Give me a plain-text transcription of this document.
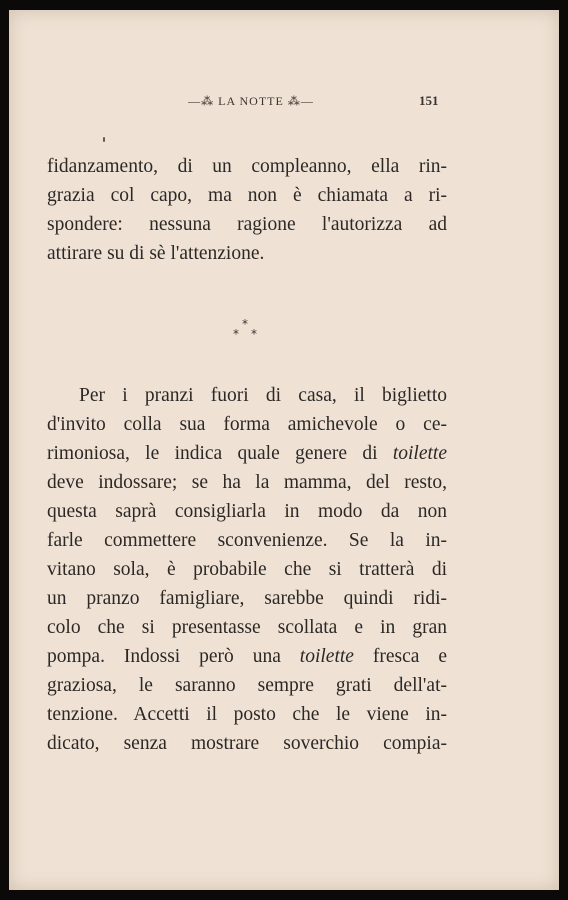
—⁂ LA NOTTE ⁂—	151
fidanzamento, di un compleanno, ella rin-
grazia col capo, ma non è chiamata a ri-
spondere: nessuna ragione l'autorizza ad
attirare su di sè l'attenzione.
*
* *
Per i pranzi fuori di casa, il biglietto
d'invito colla sua forma amichevole o ce-
rimoniosa, le indica quale genere di toilette
deve indossare; se ha la mamma, del resto,
questa saprà consigliarla in modo da non
farle commettere sconvenienze. Se la in-
vitano sola, è probabile che si tratterà di
un pranzo famigliare, sarebbe quindi ridi-
colo che si presentasse scollata e in gran
pompa. Indossi però una toilette fresca e
graziosa, le saranno sempre grati dell'at-
tenzione. Accetti il posto che le viene in-
dicato, senza mostrare soverchio compia-
